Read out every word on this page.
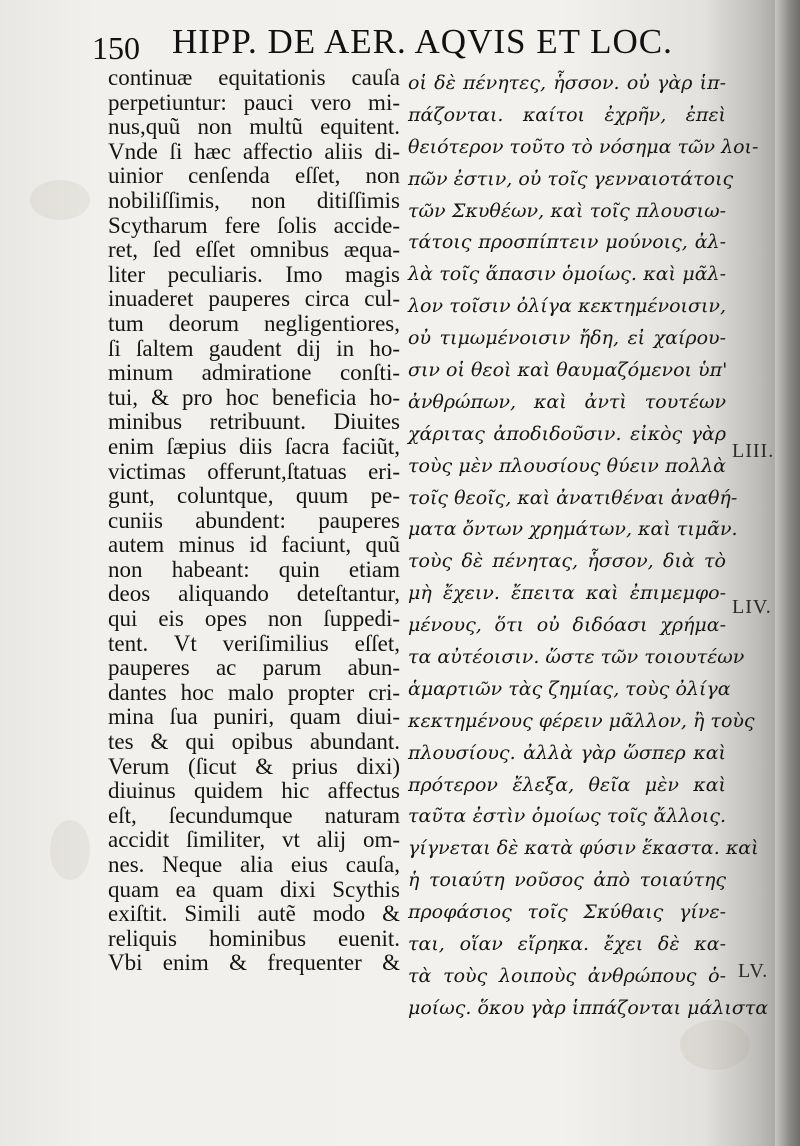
150 HIPP. DE AER. AQVIS ET LOC.
continuæ equitationis cauſa
perpetiuntur: pauci vero mi-
nus,quũ non multũ equitent.
Vnde ſi hæc affectio aliis di-
uinior cenſenda eſſet, non
nobiliſſimis, non ditiſſimis
Scytharum fere ſolis accide-
ret, ſed eſſet omnibus æqua-
liter peculiaris. Imo magis
inuaderet pauperes circa cul-
tum deorum negligentiores,
ſi ſaltem gaudent dij in ho-
minum admiratione conſti-
tui, & pro hoc beneficia ho-
minibus retribuunt. Diuites
enim ſæpius diis ſacra faciũt,
victimas offerunt,ſtatuas eri-
gunt, coluntque, quum pe-
cuniis abundent: pauperes
autem minus id faciunt, quũ
non habeant: quin etiam
deos aliquando deteſtantur,
qui eis opes non ſuppedi-
tent. Vt veriſimilius eſſet,
pauperes ac parum abun-
dantes hoc malo propter cri-
mina ſua puniri, quam diui-
tes & qui opibus abundant.
Verum (ſicut & prius dixi)
diuinus quidem hic affectus
eſt, ſecundumque naturam
accidit ſimiliter, vt alij om-
nes. Neque alia eius cauſa,
quam ea quam dixi Scythis
exiſtit. Simili autẽ modo &
reliquis hominibus euenit.
Vbi enim & frequenter &
οἱ δὲ πένητες, ἧσσον. οὐ γὰρ ἱπ-
πάζονται. καίτοι ἐχρῆν, ἐπεὶ
θειότερον τοῦτο τὸ νόσημα τῶν λοι-
πῶν ἐστιν, οὐ τοῖς γενναιοτάτοις
τῶν Σκυθέων, καὶ τοῖς πλουσιω-
τάτοις προσπίπτειν μούνοις, ἀλ-
λὰ τοῖς ἅπασιν ὁμοίως. καὶ μᾶλ-
λον τοῖσιν ὀλίγα κεκτημένοισιν,
οὐ τιμωμένοισιν ἤδη, εἰ χαίρου-
σιν οἱ θεοὶ καὶ θαυμαζόμενοι ὑπ'
ἀνθρώπων, καὶ ἀντὶ τουτέων
χάριτας ἀποδιδοῦσιν. εἰκὸς γὰρ
τοὺς μὲν πλουσίους θύειν πολλὰ
τοῖς θεοῖς, καὶ ἀνατιθέναι ἀναθή-
ματα ὄντων χρημάτων, καὶ τιμᾶν.
τοὺς δὲ πένητας, ἧσσον, διὰ τὸ
μὴ ἔχειν. ἔπειτα καὶ ἐπιμεμφο-
μένους, ὅτι οὐ διδόασι χρήμα-
τα αὐτέοισιν. ὥστε τῶν τοιουτέων
ἁμαρτιῶν τὰς ζημίας, τοὺς ὀλίγα
κεκτημένους φέρειν μᾶλλον, ἢ τοὺς
πλουσίους. ἀλλὰ γὰρ ὥσπερ καὶ
πρότερον ἔλεξα, θεῖα μὲν καὶ
ταῦτα ἐστὶν ὁμοίως τοῖς ἄλλοις.
γίγνεται δὲ κατὰ φύσιν ἕκαστα. καὶ
ἡ τοιαύτη νοῦσος ἀπὸ τοιαύτης
προφάσιος τοῖς Σκύθαις γίνε-
ται, οἵαν εἴρηκα. ἔχει δὲ κα-
τὰ τοὺς λοιποὺς ἀνθρώπους ὁ-
μοίως. ὅκου γὰρ ἱππάζονται μάλιστα
LIII.
LIV.
LV.
